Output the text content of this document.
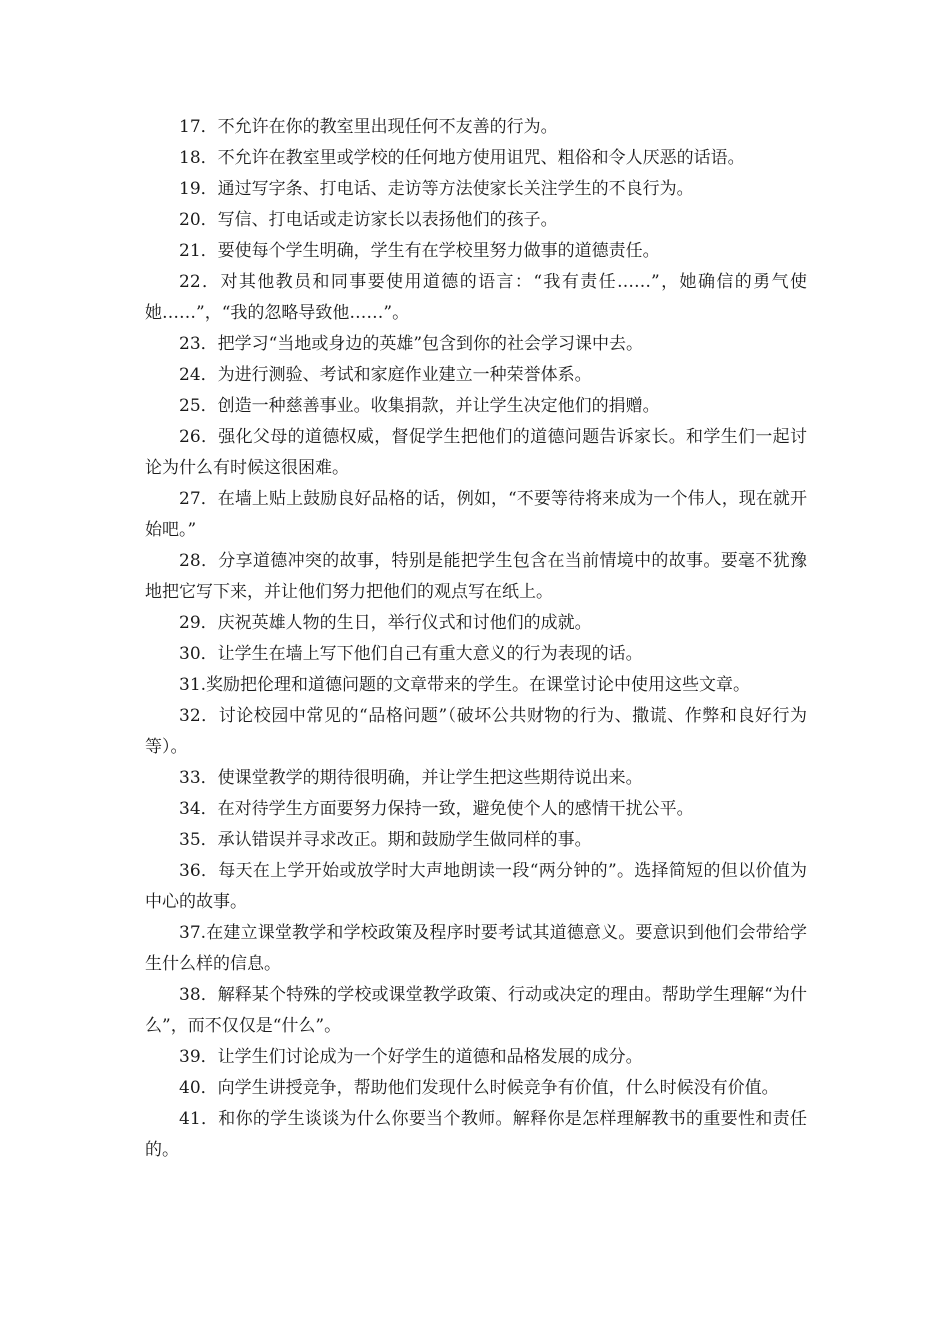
17．不允许在你的教室里出现任何不友善的行为。

18．不允许在教室里或学校的任何地方使用诅咒、粗俗和令人厌恶的话语。

19．通过写字条、打电话、走访等方法使家长关注学生的不良行为。

20．写信、打电话或走访家长以表扬他们的孩子。

21．要使每个学生明确，学生有在学校里努力做事的道德责任。

22．对其他教员和同事要使用道德的语言：“我有责任……”，她确信的勇气使她……”，“我的忽略导致他……”。

23．把学习“当地或身边的英雄”包含到你的社会学习课中去。

24．为进行测验、考试和家庭作业建立一种荣誉体系。

25．创造一种慈善事业。收集捐款，并让学生决定他们的捐赠。

26．强化父母的道德权威，督促学生把他们的道德问题告诉家长。和学生们一起讨论为什么有时候这很困难。

27．在墙上贴上鼓励良好品格的话，例如，“不要等待将来成为一个伟人，现在就开始吧。”

28．分享道德冲突的故事，特别是能把学生包含在当前情境中的故事。要毫不犹豫地把它写下来，并让他们努力把他们的观点写在纸上。

29．庆祝英雄人物的生日，举行仪式和讨他们的成就。

30．让学生在墙上写下他们自己有重大意义的行为表现的话。

31.奖励把伦理和道德问题的文章带来的学生。在课堂讨论中使用这些文章。

32．讨论校园中常见的“品格问题”（破坏公共财物的行为、撒谎、作弊和良好行为等）。

33．使课堂教学的期待很明确，并让学生把这些期待说出来。

34．在对待学生方面要努力保持一致，避免使个人的感情干扰公平。

35．承认错误并寻求改正。期和鼓励学生做同样的事。

36．每天在上学开始或放学时大声地朗读一段“两分钟的”。选择简短的但以价值为中心的故事。

37.在建立课堂教学和学校政策及程序时要考试其道德意义。要意识到他们会带给学生什么样的信息。

38．解释某个特殊的学校或课堂教学政策、行动或决定的理由。帮助学生理解“为什么”，而不仅仅是“什么”。

39．让学生们讨论成为一个好学生的道德和品格发展的成分。

40．向学生讲授竞争，帮助他们发现什么时候竞争有价值，什么时候没有价值。

41．和你的学生谈谈为什么你要当个教师。解释你是怎样理解教书的重要性和责任的。
